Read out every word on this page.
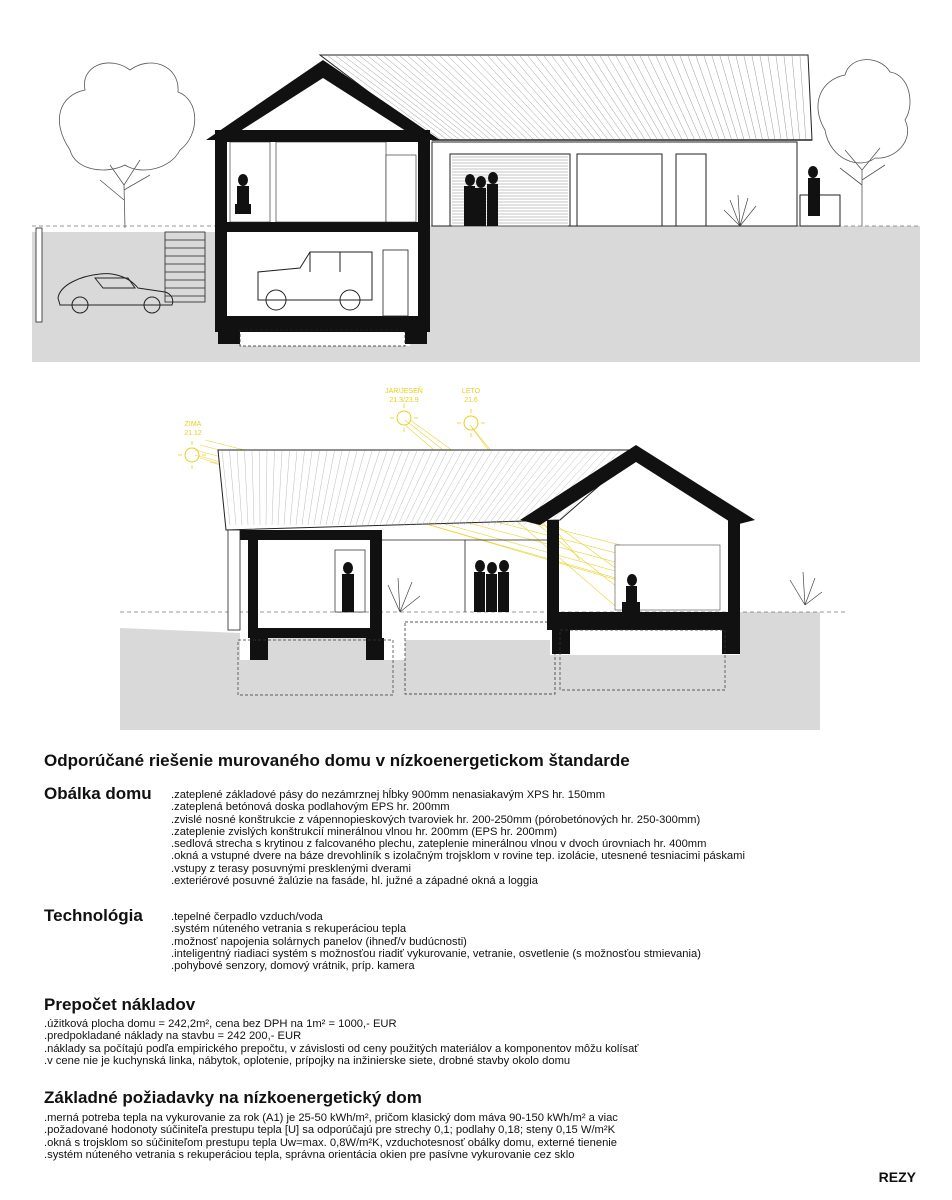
ZIMA
21.12
JAR/JESEŇ
21.3/23.9
LETO
21.6
Odporúčané riešenie murovaného domu v nízkoenergetickom štandarde
Obálka domu	.zateplené základové pásy do nezámrznej hĺbky 900mm nenasiakavým XPS hr. 150mm
.zateplená betónová doska podlahovým EPS hr. 200mm
.zvislé nosné konštrukcie z vápennopieskových tvaroviek hr. 200-250mm (pórobetónových hr. 250-300mm)
.zateplenie zvislých konštrukcií minerálnou vlnou hr. 200mm (EPS hr. 200mm)
.sedlová strecha s krytinou z falcovaného plechu, zateplenie minerálnou vlnou v dvoch úrovniach hr. 400mm
.okná a vstupné dvere na báze drevohliník s izolačným trojsklom v rovine tep. izolácie, utesnené tesniacimi páskami
.vstupy z terasy posuvnými presklenými dverami
.exteriérové posuvné žalúzie na fasáde, hl. južné a západné okná a loggia
Technológia	.tepelné čerpadlo vzduch/voda
.systém núteného vetrania s rekuperáciou tepla
.možnosť napojenia solárnych panelov (ihneď/v budúcnosti)
.inteligentný riadiaci systém s možnosťou riadiť vykurovanie, vetranie, osvetlenie (s možnosťou stmievania)
.pohybové senzory, domový vrátnik, príp. kamera
Prepočet nákladov
.úžitková plocha domu = 242,2m², cena bez DPH na 1m² = 1000,- EUR
.predpokladané náklady na stavbu = 242 200,- EUR
.náklady sa počítajú podľa empirického prepočtu, v závislosti od ceny použitých materiálov a komponentov môžu kolísať
.v cene nie je kuchynská linka, nábytok, oplotenie, prípojky na inžinierske siete, drobné stavby okolo domu
Základné požiadavky na nízkoenergetický dom
.merná potreba tepla na vykurovanie za rok (A1) je 25-50 kWh/m², pričom klasický dom máva 90-150 kWh/m² a viac
.požadované hodonoty súčiniteľa prestupu tepla [U] sa odporúčajú pre strechy 0,1; podlahy 0,18; steny 0,15 W/m²K
.okná s trojsklom so súčiniteľom prestupu tepla Uw=max. 0,8W/m²K, vzduchotesnosť obálky domu, externé tienenie
.systém núteného vetrania s rekuperáciou tepla, správna orientácia okien pre pasívne vykurovanie cez sklo

REZY
